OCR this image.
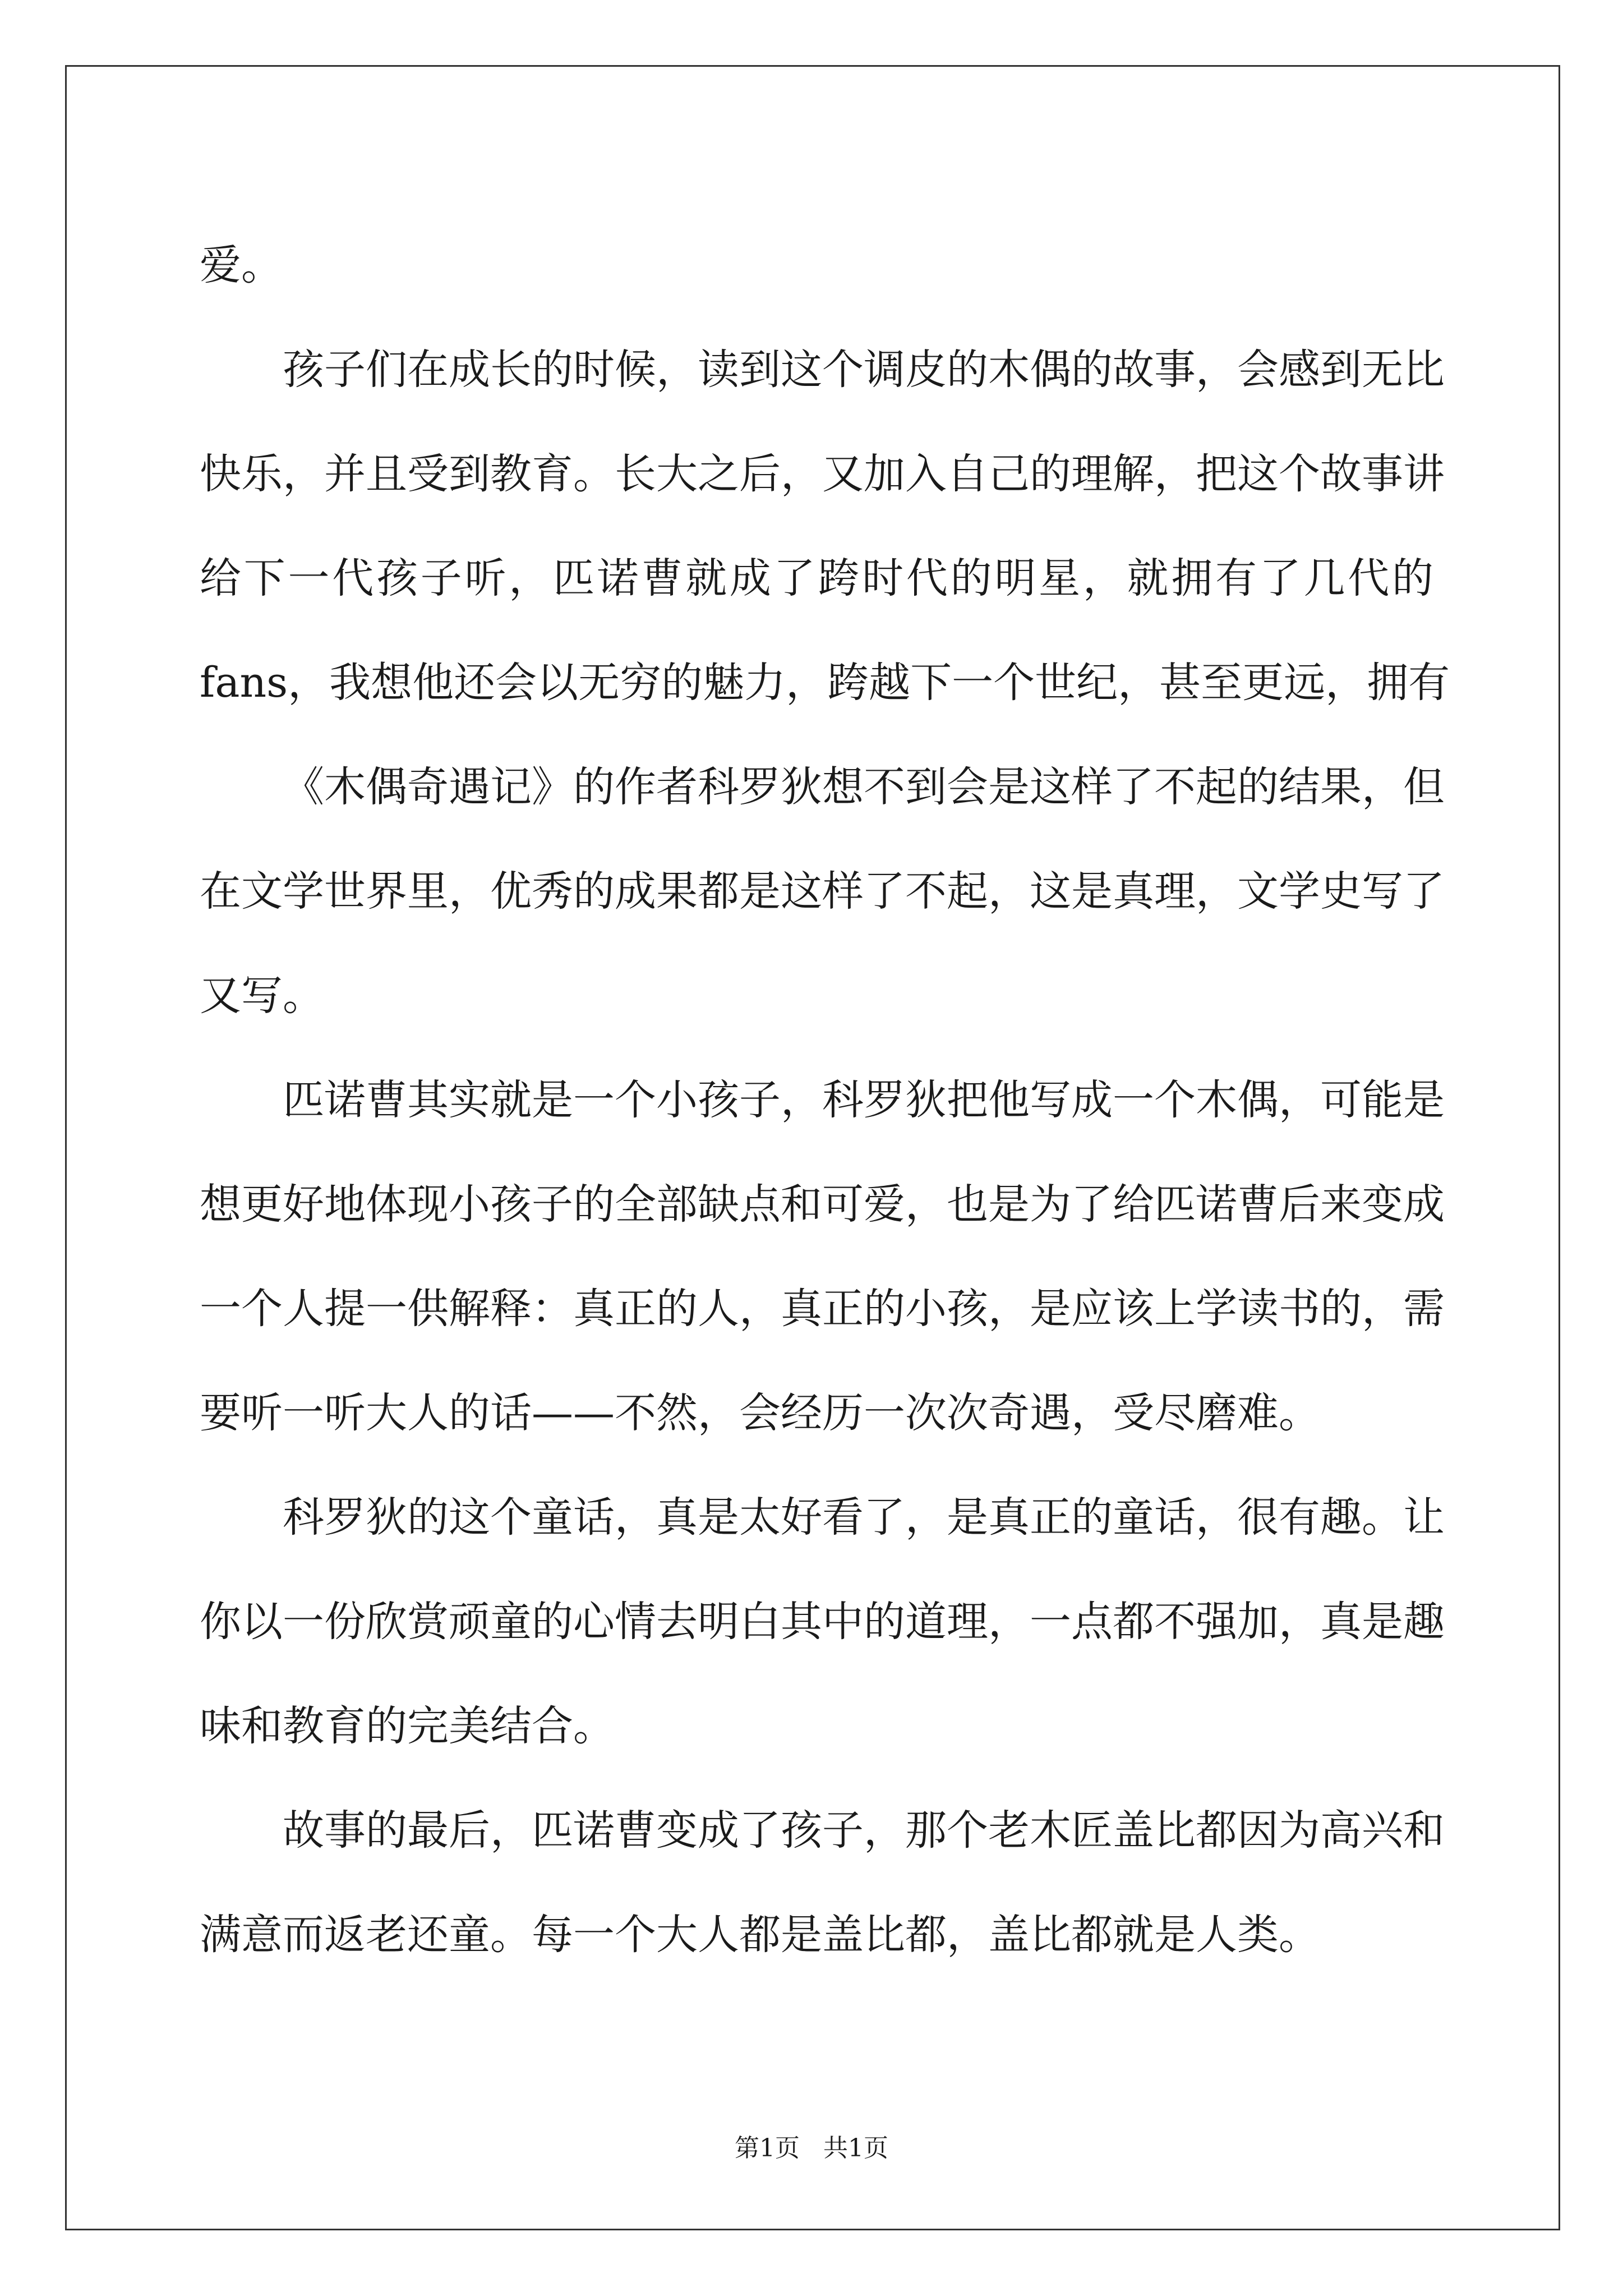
爱。
孩子们在成长的时候，读到这个调皮的木偶的故事，会感到无比
快乐，并且受到教育。长大之后，又加入自己的理解，把这个故事讲
给下一代孩子听，匹诺曹就成了跨时代的明星，就拥有了几代的
fans，我想他还会以无穷的魅力，跨越下一个世纪，甚至更远，拥有
《木偶奇遇记》的作者科罗狄想不到会是这样了不起的结果，但
在文学世界里，优秀的成果都是这样了不起，这是真理，文学史写了
又写。
匹诺曹其实就是一个小孩子，科罗狄把他写成一个木偶，可能是
想更好地体现小孩子的全部缺点和可爱，也是为了给匹诺曹后来变成
一个人提一供解释：真正的人，真正的小孩，是应该上学读书的，需
要听一听大人的话——不然，会经历一次次奇遇，受尽磨难。
科罗狄的这个童话，真是太好看了，是真正的童话，很有趣。让
你以一份欣赏顽童的心情去明白其中的道理，一点都不强加，真是趣
味和教育的完美结合。
故事的最后，匹诺曹变成了孩子，那个老木匠盖比都因为高兴和
满意而返老还童。每一个大人都是盖比都，盖比都就是人类。
第1页 共1页
